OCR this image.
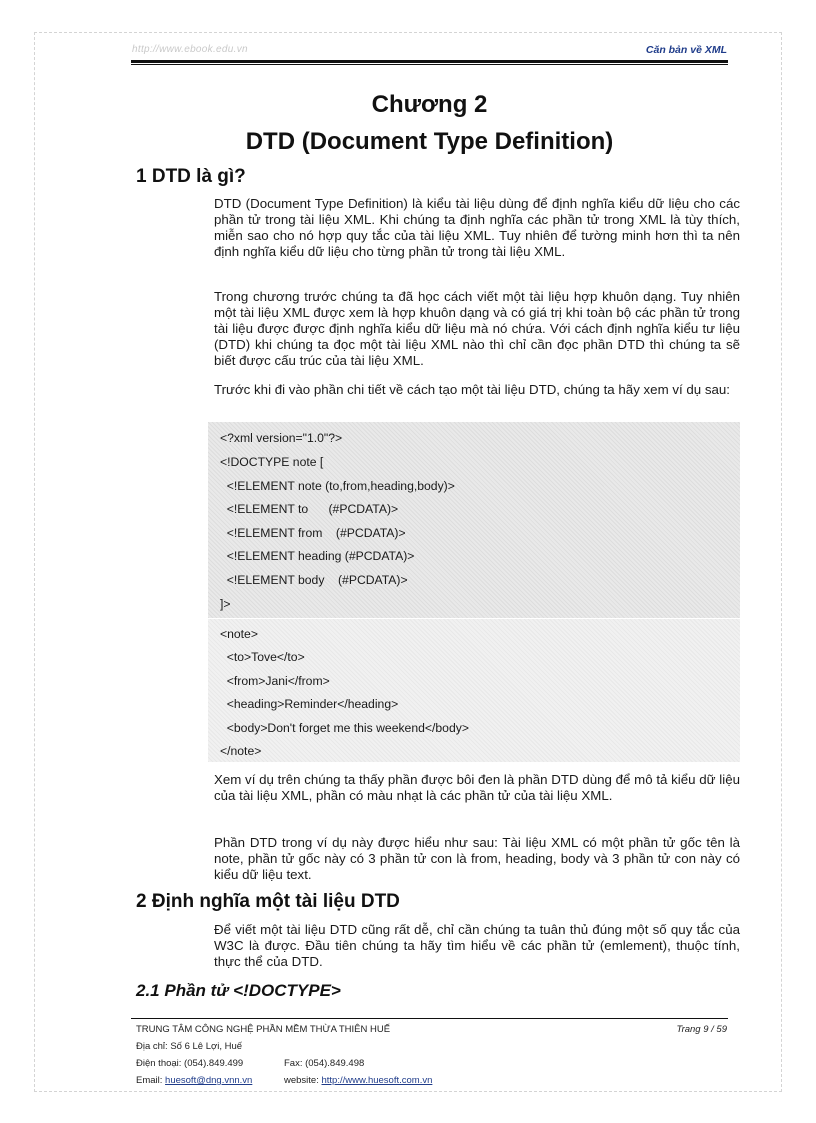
http://www.ebook.edu.vn	Căn bản về XML
Chương 2
DTD (Document Type Definition)
1 DTD là gì?

DTD (Document Type Definition) là kiểu tài liệu dùng để định nghĩa kiểu dữ liệu cho các phần tử trong tài liệu XML. Khi chúng ta định nghĩa các phần tử trong XML là tùy thích, miễn sao cho nó hợp quy tắc của tài liệu XML. Tuy nhiên để tường minh hơn thì ta nên định nghĩa kiểu dữ liệu cho từng phần tử trong tài liệu XML.

Trong chương trước chúng ta đã học cách viết một tài liệu hợp khuôn dạng. Tuy nhiên một tài liệu XML được xem là hợp khuôn dạng và có giá trị khi toàn bộ các phần tử trong tài liệu được được định nghĩa kiểu dữ liệu mà nó chứa. Với cách định nghĩa kiểu tư liệu (DTD) khi chúng ta đọc một tài liệu XML nào thì chỉ cần đọc phần DTD thì chúng ta sẽ biết được cấu trúc của tài liệu XML.

Trước khi đi vào phần chi tiết về cách tạo một tài liệu DTD, chúng ta hãy xem ví dụ sau:

<?xml version="1.0"?>

<!DOCTYPE note [

<!ELEMENT note (to,from,heading,body)>

<!ELEMENT to      (#PCDATA)>

<!ELEMENT from    (#PCDATA)>

<!ELEMENT heading (#PCDATA)>

<!ELEMENT body    (#PCDATA)>

]>

<note>

<to>Tove</to>

<from>Jani</from>

<heading>Reminder</heading>

<body>Don't forget me this weekend</body>

</note>

Xem ví dụ trên chúng ta thấy phần được bôi đen là phần DTD dùng để mô tả kiểu dữ liệu của tài liệu XML, phần có màu nhạt là các phần tử của tài liệu XML.

Phần DTD trong ví dụ này được hiểu như sau: Tài liệu XML có một phần tử gốc tên là note, phần tử gốc này có 3 phần tử con là from, heading, body và 3 phần tử con này có kiểu dữ liệu text.

2 Định nghĩa một tài liệu DTD

Để viết một tài liệu DTD cũng rất dễ, chỉ cần chúng ta tuân thủ đúng một số quy tắc của W3C là được. Đầu tiên chúng ta hãy tìm hiểu về các phần tử (emlement), thuộc tính, thực thể của DTD.

2.1 Phần tử <!DOCTYPE>

TRUNG TÂM CÔNG NGHỆ PHẦN MỀM THỪA THIÊN HUẾ	Trang 9 / 59

Địa chỉ: Số 6 Lê Lợi, Huế

Điện thoại: (054).849.499	Fax: (054).849.498

Email: huesoft@dng.vnn.vn	website: http://www.huesoft.com.vn
